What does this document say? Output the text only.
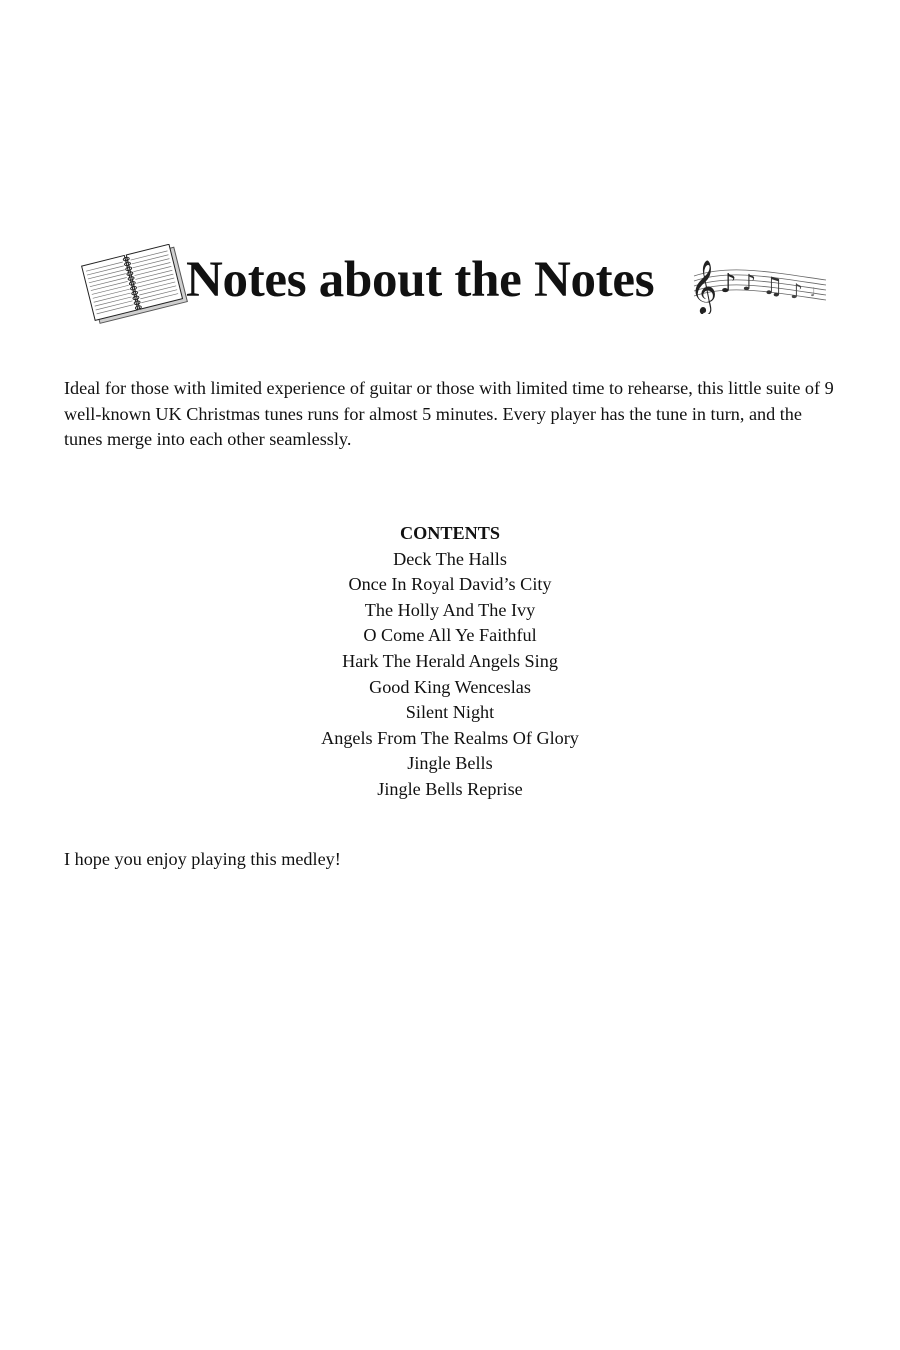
Notes about the Notes 𝄞 ♪ ♪ ♫ ♪ ♩

Ideal for those with limited experience of guitar or those with limited time to rehearse, this little suite of 9 well-known UK Christmas tunes runs for almost 5 minutes. Every player has the tune in turn, and the tunes merge into each other seamlessly.

CONTENTS
Deck The Halls
Once In Royal David’s City
The Holly And The Ivy
O Come All Ye Faithful
Hark The Herald Angels Sing
Good King Wenceslas
Silent Night
Angels From The Realms Of Glory
Jingle Bells
Jingle Bells Reprise

I hope you enjoy playing this medley!
